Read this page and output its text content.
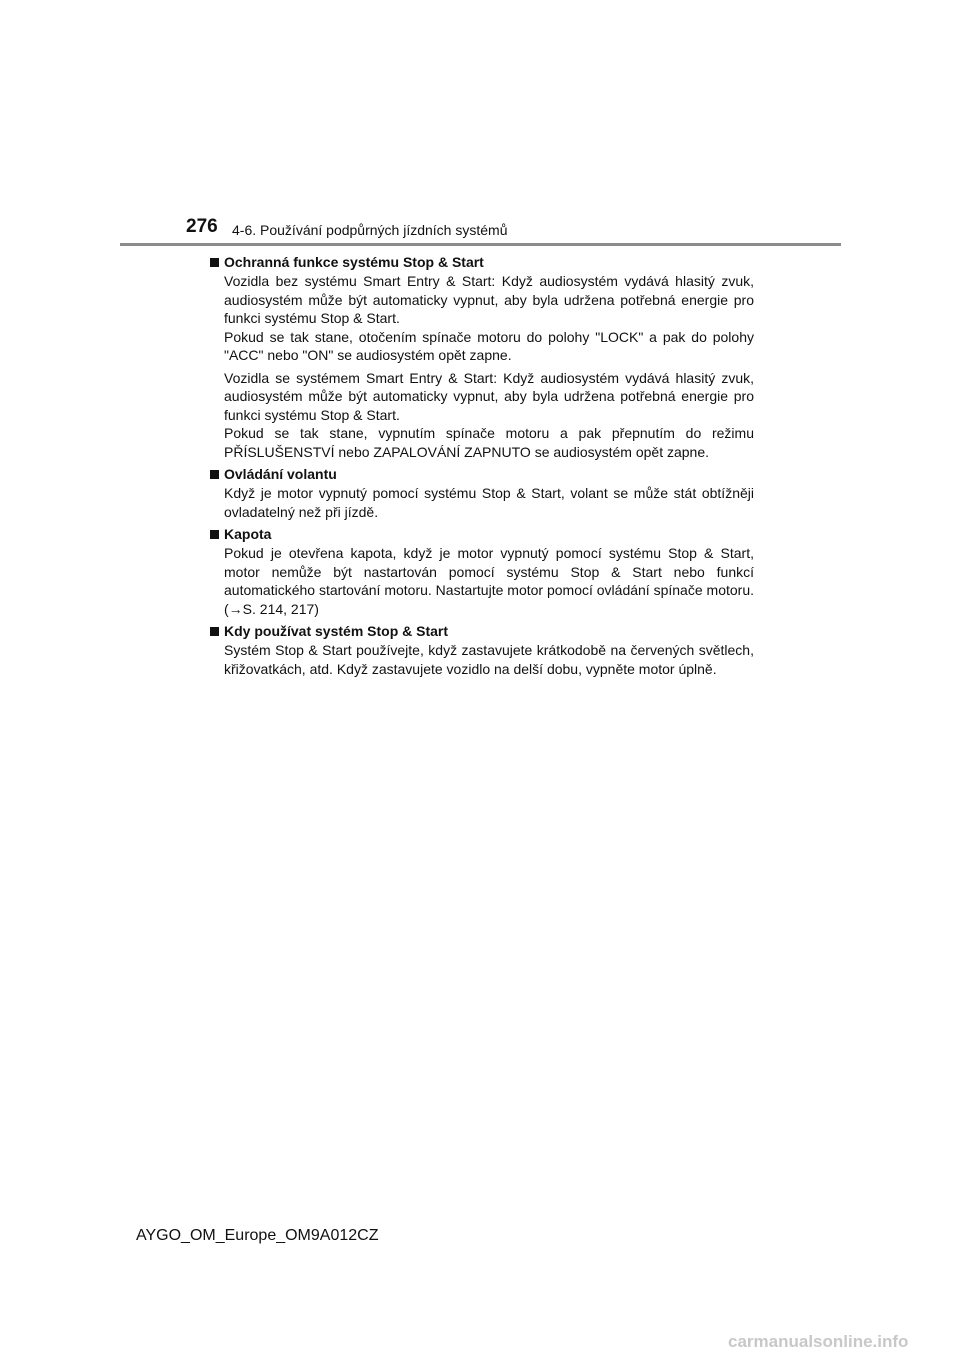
276 4-6. Používání podpůrných jízdních systémů
Ochranná funkce systému Stop & Start

Vozidla bez systému Smart Entry & Start: Když audiosystém vydává hlasitý zvuk, audiosystém může být automaticky vypnut, aby byla udržena potřebná energie pro funkci systému Stop & Start.
Pokud se tak stane, otočením spínače motoru do polohy "LOCK" a pak do polohy "ACC" nebo "ON" se audiosystém opět zapne.

Vozidla se systémem Smart Entry & Start: Když audiosystém vydává hlasitý zvuk, audiosystém může být automaticky vypnut, aby byla udržena potřebná energie pro funkci systému Stop & Start.
Pokud se tak stane, vypnutím spínače motoru a pak přepnutím do režimu PŘÍSLUŠENSTVÍ nebo ZAPALOVÁNÍ ZAPNUTO se audiosystém opět zapne.

Ovládání volantu

Když je motor vypnutý pomocí systému Stop & Start, volant se může stát obtížněji ovladatelný než při jízdě.

Kapota

Pokud je otevřena kapota, když je motor vypnutý pomocí systému Stop & Start, motor nemůže být nastartován pomocí systému Stop & Start nebo funkcí automatického startování motoru. Nastartujte motor pomocí ovládání spínače motoru. (→S. 214, 217)

Kdy používat systém Stop & Start

Systém Stop & Start používejte, když zastavujete krátkodobě na červených světlech, křižovatkách, atd. Když zastavujete vozidlo na delší dobu, vypněte motor úplně.

AYGO_OM_Europe_OM9A012CZ
carmanualsonline.info
